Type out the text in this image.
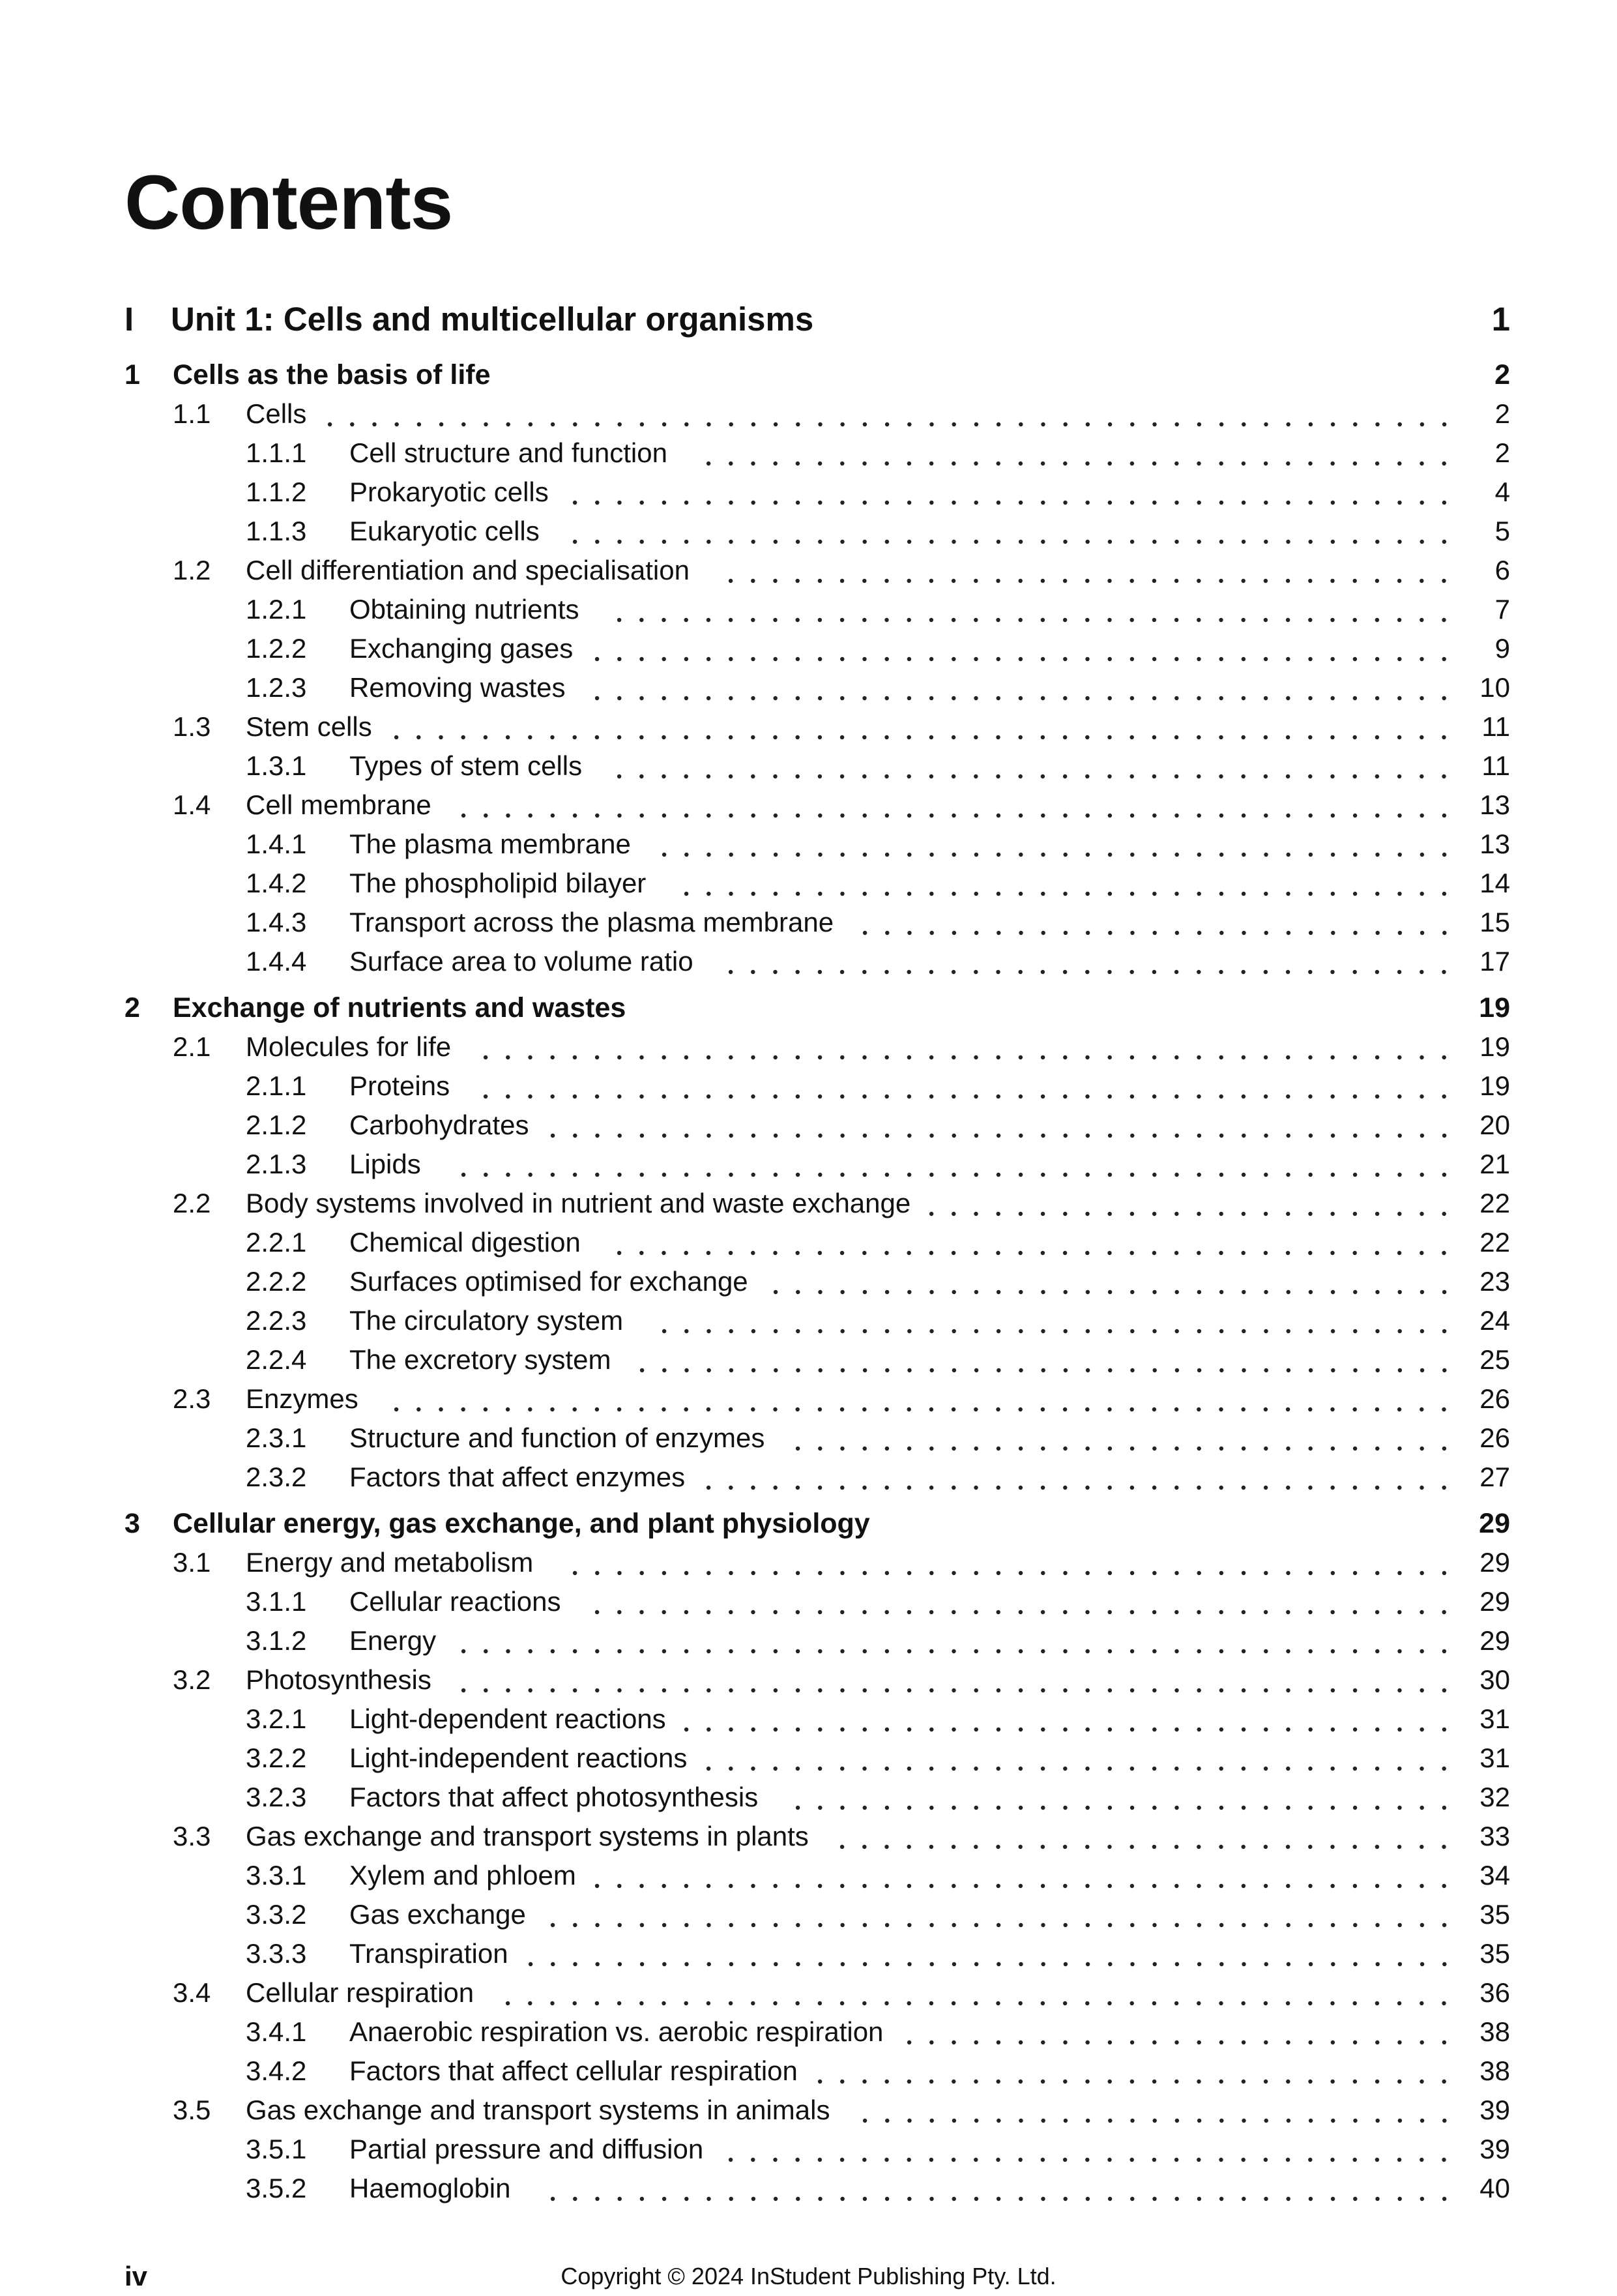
Contents
I Unit 1: Cells and multicellular organisms	1
1 Cells as the basis of life	2
1.1 Cells	2
1.1.1 Cell structure and function	2
1.1.2 Prokaryotic cells	4
1.1.3 Eukaryotic cells	5
1.2 Cell differentiation and specialisation	6
1.2.1 Obtaining nutrients	7
1.2.2 Exchanging gases	9
1.2.3 Removing wastes	10
1.3 Stem cells	11
1.3.1 Types of stem cells	11
1.4 Cell membrane	13
1.4.1 The plasma membrane	13
1.4.2 The phospholipid bilayer	14
1.4.3 Transport across the plasma membrane	15
1.4.4 Surface area to volume ratio	17
2 Exchange of nutrients and wastes	19
2.1 Molecules for life	19
2.1.1 Proteins	19
2.1.2 Carbohydrates	20
2.1.3 Lipids	21
2.2 Body systems involved in nutrient and waste exchange	22
2.2.1 Chemical digestion	22
2.2.2 Surfaces optimised for exchange	23
2.2.3 The circulatory system	24
2.2.4 The excretory system	25
2.3 Enzymes	26
2.3.1 Structure and function of enzymes	26
2.3.2 Factors that affect enzymes	27
3 Cellular energy, gas exchange, and plant physiology	29
3.1 Energy and metabolism	29
3.1.1 Cellular reactions	29
3.1.2 Energy	29
3.2 Photosynthesis	30
3.2.1 Light-dependent reactions	31
3.2.2 Light-independent reactions	31
3.2.3 Factors that affect photosynthesis	32
3.3 Gas exchange and transport systems in plants	33
3.3.1 Xylem and phloem	34
3.3.2 Gas exchange	35
3.3.3 Transpiration	35
3.4 Cellular respiration	36
3.4.1 Anaerobic respiration vs. aerobic respiration	38
3.4.2 Factors that affect cellular respiration	38
3.5 Gas exchange and transport systems in animals	39
3.5.1 Partial pressure and diffusion	39
3.5.2 Haemoglobin	40
iv	Copyright © 2024 InStudent Publishing Pty. Ltd.
